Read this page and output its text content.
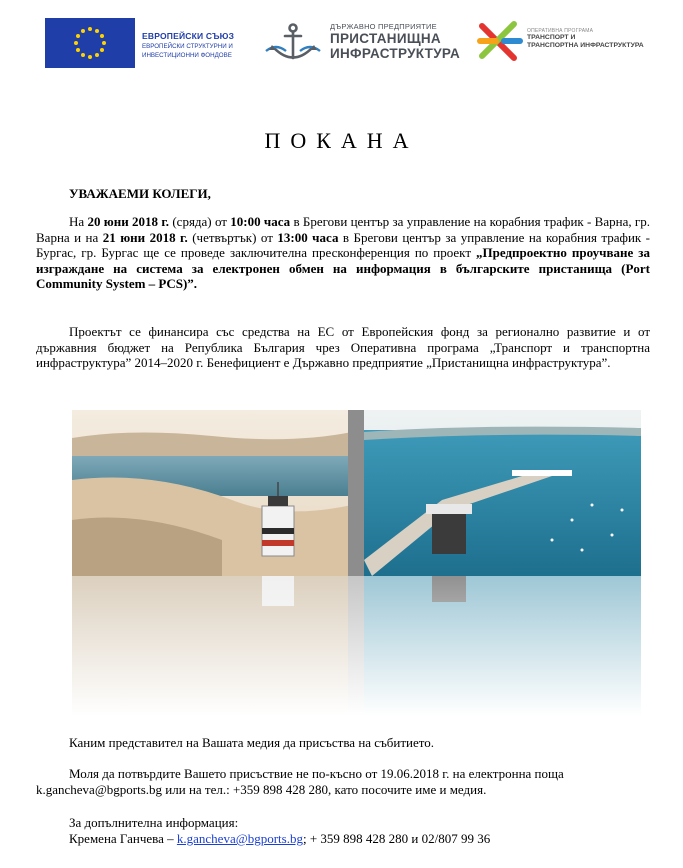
ЕВРОПЕЙСКИ СЪЮЗ
ЕВРОПЕЙСКИ СТРУКТУРНИ И
ИНВЕСТИЦИОННИ ФОНДОВЕ
ДЪРЖАВНО ПРЕДПРИЯТИЕ
ПРИСТАНИЩНА
ИНФРАСТРУКТУРА
ОПЕРАТИВНА ПРОГРАМА
ТРАНСПОРТ И
ТРАНСПОРТНА ИНФРАСТРУКТУРА
ПОКАНА
УВАЖАЕМИ КОЛЕГИ,

На 20 юни 2018 г. (сряда) от 10:00 часа в Брегови център за управление на корабния трафик - Варна, гр. Варна и на 21 юни 2018 г. (четвъртък) от 13:00 часа в Брегови център за управление на корабния трафик - Бургас, гр. Бургас ще се проведе заключителна пресконференция по проект „Предпроектно проучване за изграждане на система за електронен обмен на информация в българските пристанища (Port Community System – PCS)”.

Проектът се финансира със средства на ЕС от Европейския фонд за регионално развитие и от държавния бюджет на Република България чрез Оперативна програма „Транспорт и транспортна инфраструктура” 2014–2020 г. Бенефициент е Държавно предприятие „Пристанищна инфраструктура”.

Каним представител на Вашата медия да присъства на събитието.
Моля да потвърдите Вашето присъствие не по-късно от 19.06.2018 г. на електронна поща
k.gancheva@bgports.bg или на тел.: +359 898 428 280, като посочите име и медия.
За допълнителна информация:
Кремена Ганчева – k.gancheva@bgports.bg; + 359 898 428 280 и 02/807 99 36
